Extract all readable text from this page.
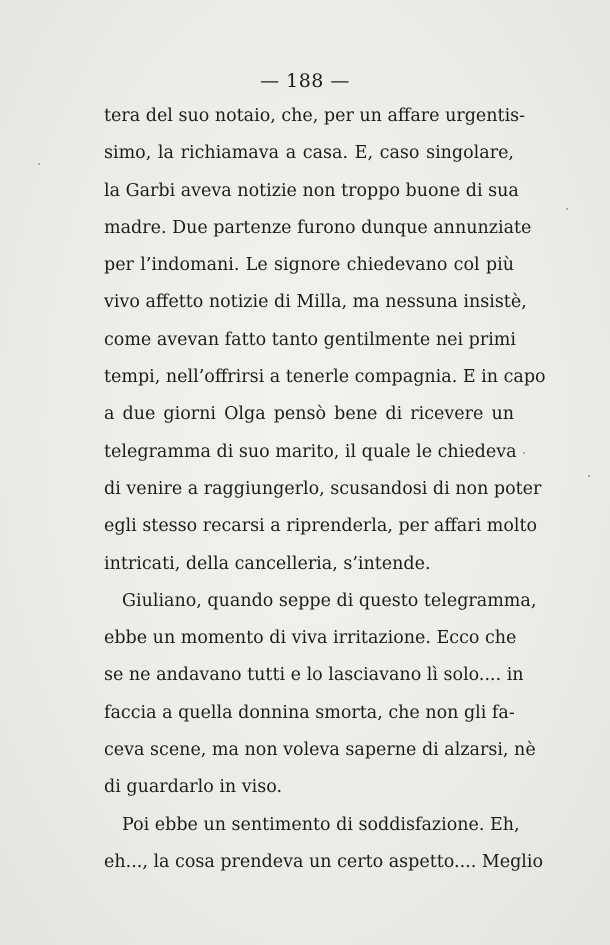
— 188 —
tera del suo notaio, che, per un affare urgentis-
simo, la richiamava a casa. E, caso singolare,
la Garbi aveva notizie non troppo buone di sua
madre. Due partenze furono dunque annunziate
per l’indomani. Le signore chiedevano col più
vivo affetto notizie di Milla, ma nessuna insistè,
come avevan fatto tanto gentilmente nei primi
tempi, nell’offrirsi a tenerle compagnia. E in capo
a due giorni Olga pensò bene di ricevere un
telegramma di suo marito, il quale le chiedeva
di venire a raggiungerlo, scusandosi di non poter
egli stesso recarsi a riprenderla, per affari molto
intricati, della cancelleria, s’intende.
Giuliano, quando seppe di questo telegramma,
ebbe un momento di viva irritazione. Ecco che
se ne andavano tutti e lo lasciavano lì solo.... in
faccia a quella donnina smorta, che non gli fa-
ceva scene, ma non voleva saperne di alzarsi, nè
di guardarlo in viso.
Poi ebbe un sentimento di soddisfazione. Eh,
eh..., la cosa prendeva un certo aspetto.... Meglio
